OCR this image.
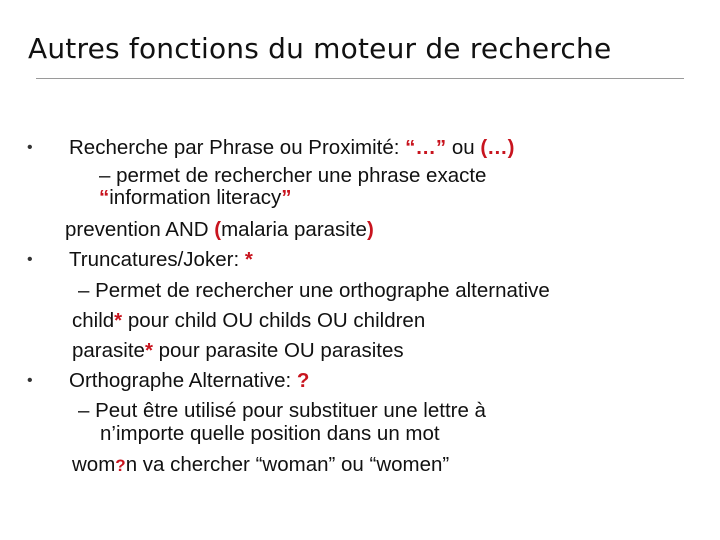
Autres fonctions du moteur de recherche
• Recherche par Phrase ou Proximité: “…” ou (…)
– permet de rechercher une phrase exacte
“information literacy”
prevention AND (malaria parasite)
• Truncatures/Joker: *
– Permet de rechercher une orthographe alternative
child* pour child OU childs OU children
parasite* pour parasite OU parasites
• Orthographe Alternative: ?
– Peut être utilisé pour substituer une lettre à
n’importe quelle position dans un mot
wom?n va chercher “woman” ou “women”
